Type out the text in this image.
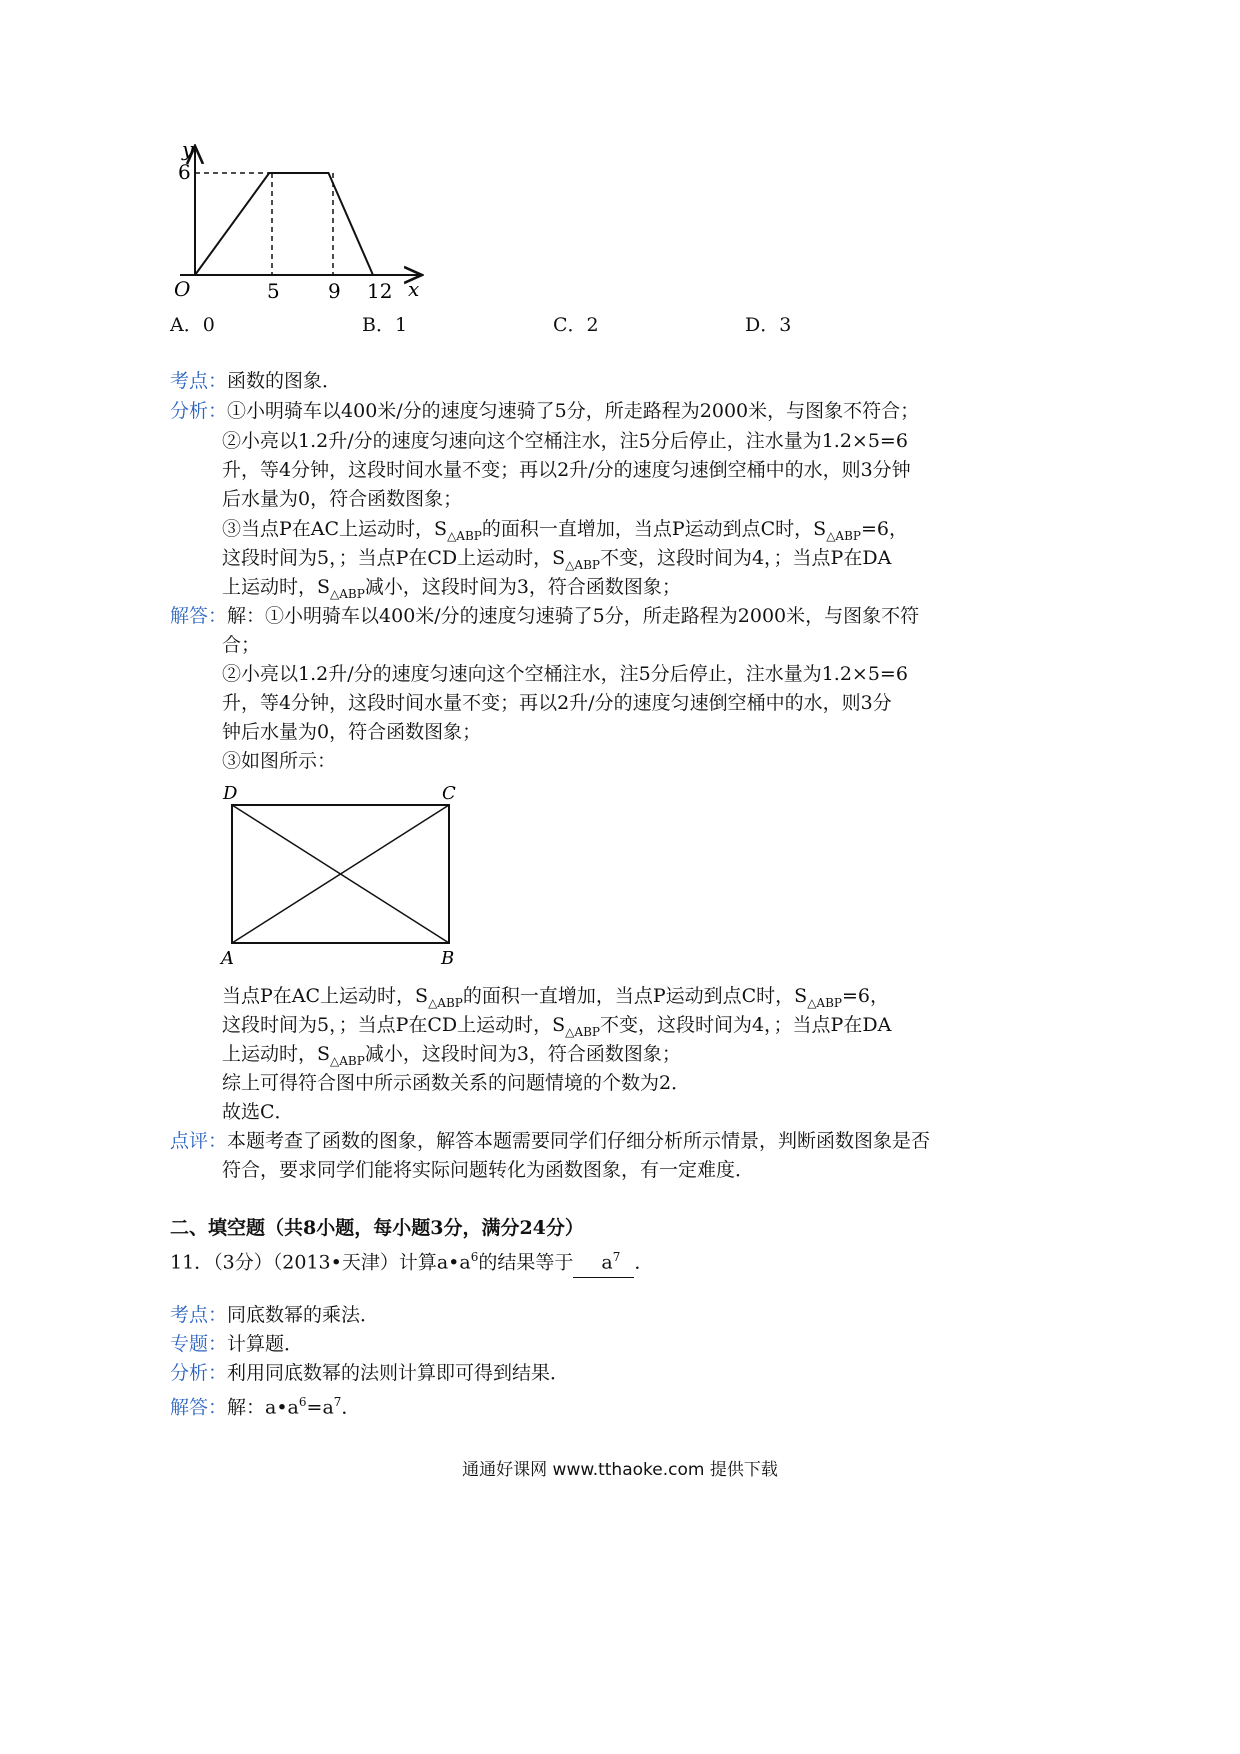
y
6
O	5 9 12 x
A．0	B．1	C．2	D．3
考点：函数的图象．
分析：①小明骑车以400米/分的速度匀速骑了5分，所走路程为2000米，与图象不符合；
②小亮以1.2升/分的速度匀速向这个空桶注水，注5分后停止，注水量为1.2×5=6
升，等4分钟，这段时间水量不变；再以2升/分的速度匀速倒空桶中的水，则3分钟
后水量为0，符合函数图象；
③当点P在AC上运动时，$S_{\triangle ABP}$的面积一直增加，当点P运动到点C时，$S_{\triangle ABP}=6$，
这段时间为5，；当点P在CD上运动时，$S_{\triangle ABP}$不变，这段时间为4，；当点P在DA
上运动时，$S_{\triangle ABP}$减小，这段时间为3，符合函数图象；
解答：解：①小明骑车以400米/分的速度匀速骑了5分，所走路程为2000米，与图象不符
合；
②小亮以1.2升/分的速度匀速向这个空桶注水，注5分后停止，注水量为1.2×5=6
升，等4分钟，这段时间水量不变；再以2升/分的速度匀速倒空桶中的水，则3分
钟后水量为0，符合函数图象；
③如图所示：
D	C
A	B
当点P在AC上运动时，$S_{\triangle ABP}$的面积一直增加，当点P运动到点C时，$S_{\triangle ABP}=6$，
这段时间为5，；当点P在CD上运动时，$S_{\triangle ABP}$不变，这段时间为4，；当点P在DA
上运动时，$S_{\triangle ABP}$减小，这段时间为3，符合函数图象；
综上可得符合图中所示函数关系的问题情境的个数为2．
故选C．
点评：本题考查了函数的图象，解答本题需要同学们仔细分析所示情景，判断函数图象是否
符合，要求同学们能将实际问题转化为函数图象，有一定难度．
二、填空题（共8小题，每小题3分，满分24分）
11．（3分）（2013•天津）计算$a•a^6$的结果等于 $a^7$ ．
考点：同底数幂的乘法．
专题：计算题．
分析：利用同底数幂的法则计算即可得到结果．
解答：解：$a•a^6=a^7$．
通通好课网 www.tthaoke.com 提供下载
